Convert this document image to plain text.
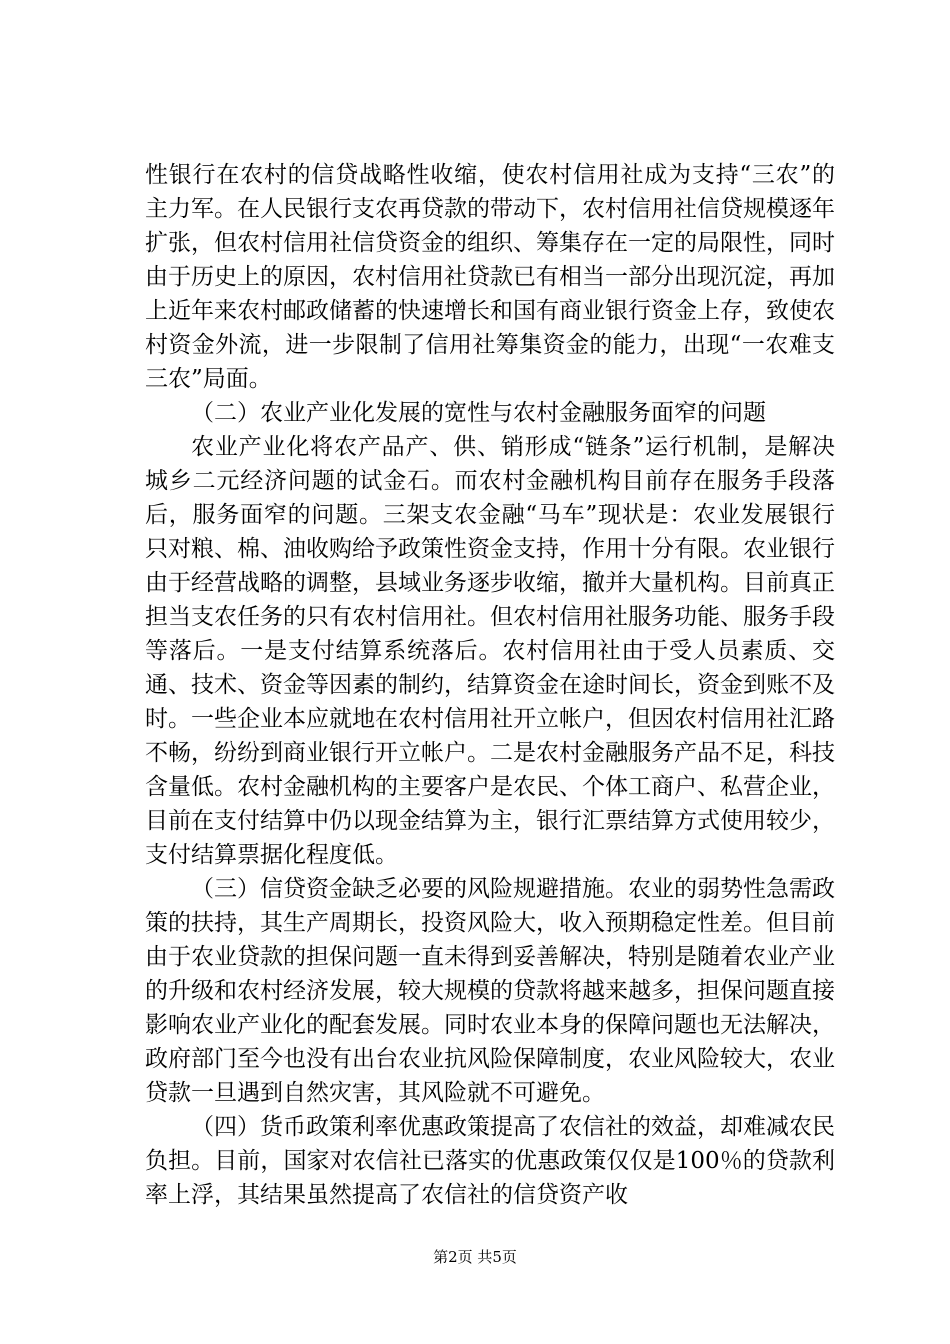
性银行在农村的信贷战略性收缩，使农村信用社成为支持“三农”的主力军。在人民银行支农再贷款的带动下，农村信用社信贷规模逐年扩张，但农村信用社信贷资金的组织、筹集存在一定的局限性，同时由于历史上的原因，农村信用社贷款已有相当一部分出现沉淀，再加上近年来农村邮政储蓄的快速增长和国有商业银行资金上存，致使农村资金外流，进一步限制了信用社筹集资金的能力，出现“一农难支三农”局面。

（二）农业产业化发展的宽性与农村金融服务面窄的问题

农业产业化将农产品产、供、销形成“链条”运行机制，是解决城乡二元经济问题的试金石。而农村金融机构目前存在服务手段落后，服务面窄的问题。三架支农金融“马车”现状是：农业发展银行只对粮、棉、油收购给予政策性资金支持，作用十分有限。农业银行由于经营战略的调整，县域业务逐步收缩，撤并大量机构。目前真正担当支农任务的只有农村信用社。但农村信用社服务功能、服务手段等落后。一是支付结算系统落后。农村信用社由于受人员素质、交通、技术、资金等因素的制约，结算资金在途时间长，资金到账不及时。一些企业本应就地在农村信用社开立帐户，但因农村信用社汇路不畅，纷纷到商业银行开立帐户。二是农村金融服务产品不足，科技含量低。农村金融机构的主要客户是农民、个体工商户、私营企业，目前在支付结算中仍以现金结算为主，银行汇票结算方式使用较少，支付结算票据化程度低。

（三）信贷资金缺乏必要的风险规避措施。农业的弱势性急需政策的扶持，其生产周期长，投资风险大，收入预期稳定性差。但目前由于农业贷款的担保问题一直未得到妥善解决，特别是随着农业产业的升级和农村经济发展，较大规模的贷款将越来越多，担保问题直接影响农业产业化的配套发展。同时农业本身的保障问题也无法解决，政府部门至今也没有出台农业抗风险保障制度，农业风险较大，农业贷款一旦遇到自然灾害，其风险就不可避免。

（四）货币政策利率优惠政策提高了农信社的效益，却难减农民负担。目前，国家对农信社已落实的优惠政策仅仅是100％的贷款利率上浮，其结果虽然提高了农信社的信贷资产收

第2页 共5页
